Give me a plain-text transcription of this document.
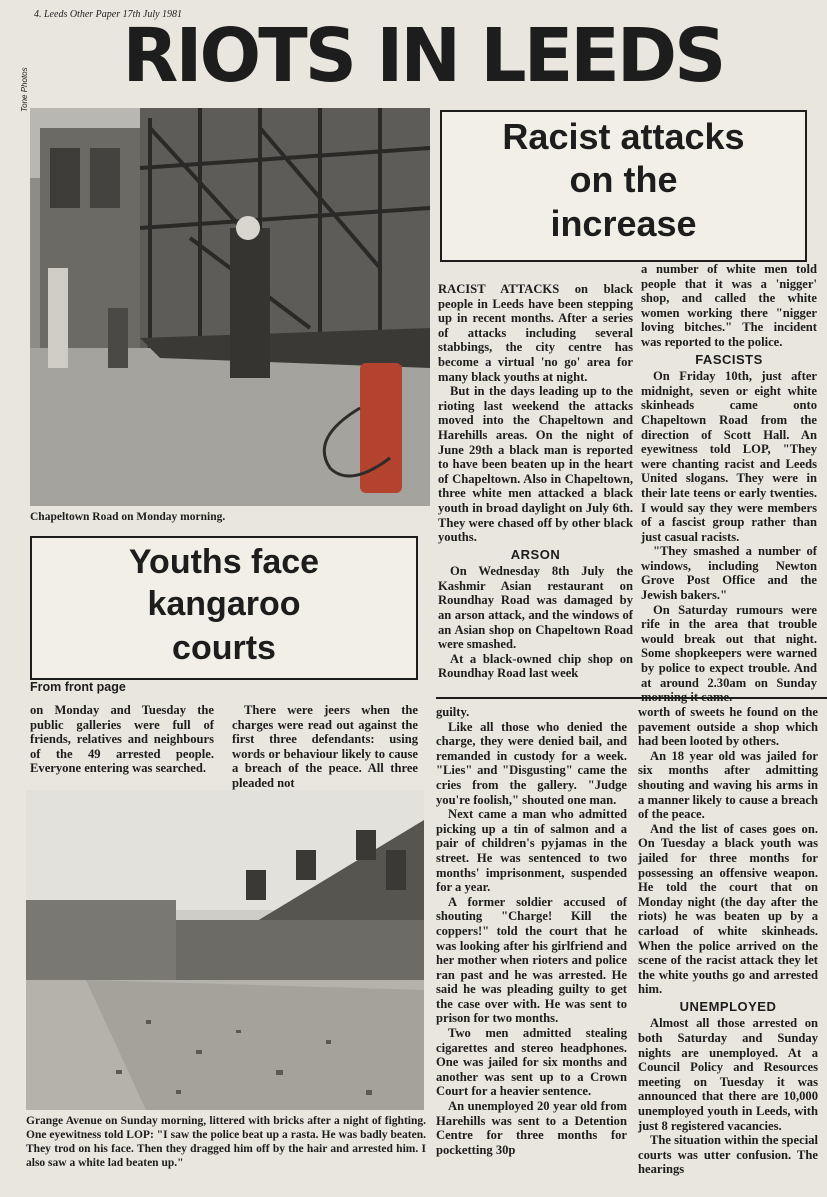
4. Leeds Other Paper 17th July 1981
RIOTS IN LEEDS
Tone Photos
Chapeltown Road on Monday morning.
Racist attacks
on the
increase

RACIST ATTACKS on black people in Leeds have been stepping up in recent months. After a series of attacks including several stabbings, the city centre has become a virtual 'no go' area for many black youths at night.

But in the days leading up to the rioting last weekend the attacks moved into the Chapeltown and Harehills areas. On the night of June 29th a black man is reported to have been beaten up in the heart of Chapeltown. Also in Chapeltown, three white men attacked a black youth in broad daylight on July 6th. They were chased off by other black youths.

ARSON

On Wednesday 8th July the Kashmir Asian restaurant on Roundhay Road was damaged by an arson attack, and the windows of an Asian shop on Chapeltown Road were smashed.

At a black-owned chip shop on Roundhay Road last week

a number of white men told people that it was a 'nigger' shop, and called the white women working there "nigger loving bitches." The incident was reported to the police.

FASCISTS

On Friday 10th, just after midnight, seven or eight white skinheads came onto Chapeltown Road from the direction of Scott Hall. An eyewitness told LOP, "They were chanting racist and Leeds United slogans. They were in their late teens or early twenties. I would say they were members of a fascist group rather than just casual racists.

"They smashed a number of windows, including Newton Grove Post Office and the Jewish bakers."

On Saturday rumours were rife in the area that trouble would break out that night. Some shopkeepers were warned by police to expect trouble. And at around 2.30am on Sunday

Youths face
kangaroo
courts
From front page

on Monday and Tuesday the public galleries were full of friends, relatives and neighbours of the 49 arrested people. Everyone entering was searched.

There were jeers when the charges were read out against the first three defendants: using words or behaviour likely to cause a breach of the peace. All three pleaded not

Grange Avenue on Sunday morning, littered with bricks after a night of fighting. One eyewitness told LOP: "I saw the police beat up a rasta. He was badly beaten. They trod on his face. Then they dragged him off by the hair and arrested him. I also saw a white lad beaten up."

guilty.

Like all those who denied the charge, they were denied bail, and remanded in custody for a week. "Lies" and "Disgusting" came the cries from the gallery. "Judge you're foolish," shouted one man.

Next came a man who admitted picking up a tin of salmon and a pair of children's pyjamas in the street. He was sentenced to two months' imprisonment, suspended for a year.

A former soldier accused of shouting "Charge! Kill the coppers!" told the court that he was looking after his girlfriend and her mother when rioters and police ran past and he was arrested. He said he was pleading guilty to get the case over with. He was sent to prison for two months.

Two men admitted stealing cigarettes and stereo headphones. One was jailed for six months and another was sent up to a Crown Court for a heavier sentence.

An unemployed 20 year old from Harehills was sent to a Detention Centre for three months for pocketting 30p

worth of sweets he found on the pavement outside a shop which had been looted by others.

An 18 year old was jailed for six months after admitting shouting and waving his arms in a manner likely to cause a breach of the peace.

And the list of cases goes on. On Tuesday a black youth was jailed for three months for possessing an offensive weapon. He told the court that on Monday night (the day after the riots) he was beaten up by a carload of white skinheads. When the police arrived on the scene of the racist attack they let the white youths go and arrested him.

UNEMPLOYED

Almost all those arrested on both Saturday and Sunday nights are unemployed. At a Council Policy and Resources meeting on Tuesday it was announced that there are 10,000 unemployed youth in Leeds, with just 8 registered vacancies.

The situation within the special courts was utter confusion. The hearings
